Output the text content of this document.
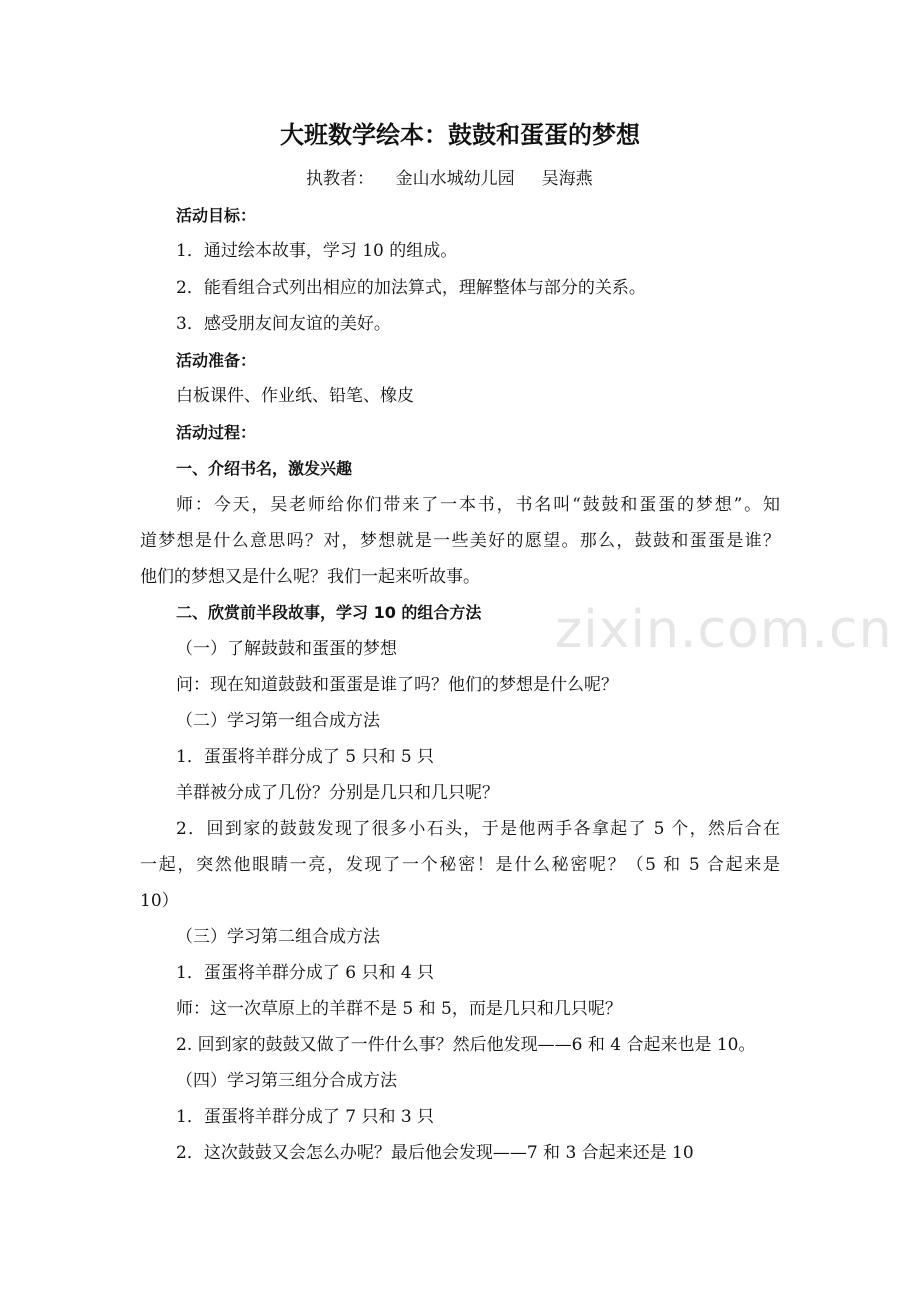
zixin.com.cn
大班数学绘本：鼓鼓和蛋蛋的梦想
执教者： 金山水城幼儿园 吴海燕
活动目标：
1．通过绘本故事，学习 10 的组成。
2．能看组合式列出相应的加法算式，理解整体与部分的关系。
3．感受朋友间友谊的美好。
活动准备：
白板课件、作业纸、铅笔、橡皮
活动过程：
一、介绍书名，激发兴趣
师：今天，吴老师给你们带来了一本书，书名叫“鼓鼓和蛋蛋的梦想”。知
道梦想是什么意思吗？对，梦想就是一些美好的愿望。那么，鼓鼓和蛋蛋是谁？
他们的梦想又是什么呢？我们一起来听故事。
二、欣赏前半段故事，学习 10 的组合方法
（一）了解鼓鼓和蛋蛋的梦想
问：现在知道鼓鼓和蛋蛋是谁了吗？他们的梦想是什么呢？
（二）学习第一组合成方法
1．蛋蛋将羊群分成了 5 只和 5 只
羊群被分成了几份？分别是几只和几只呢？
2．回到家的鼓鼓发现了很多小石头，于是他两手各拿起了 5 个，然后合在
一起，突然他眼睛一亮，发现了一个秘密！是什么秘密呢？（5 和 5 合起来是
10）
（三）学习第二组合成方法
1．蛋蛋将羊群分成了 6 只和 4 只
师：这一次草原上的羊群不是 5 和 5，而是几只和几只呢？
2. 回到家的鼓鼓又做了一件什么事？然后他发现——6 和 4 合起来也是 10。
（四）学习第三组分合成方法
1．蛋蛋将羊群分成了 7 只和 3 只
2．这次鼓鼓又会怎么办呢？最后他会发现——7 和 3 合起来还是 10
